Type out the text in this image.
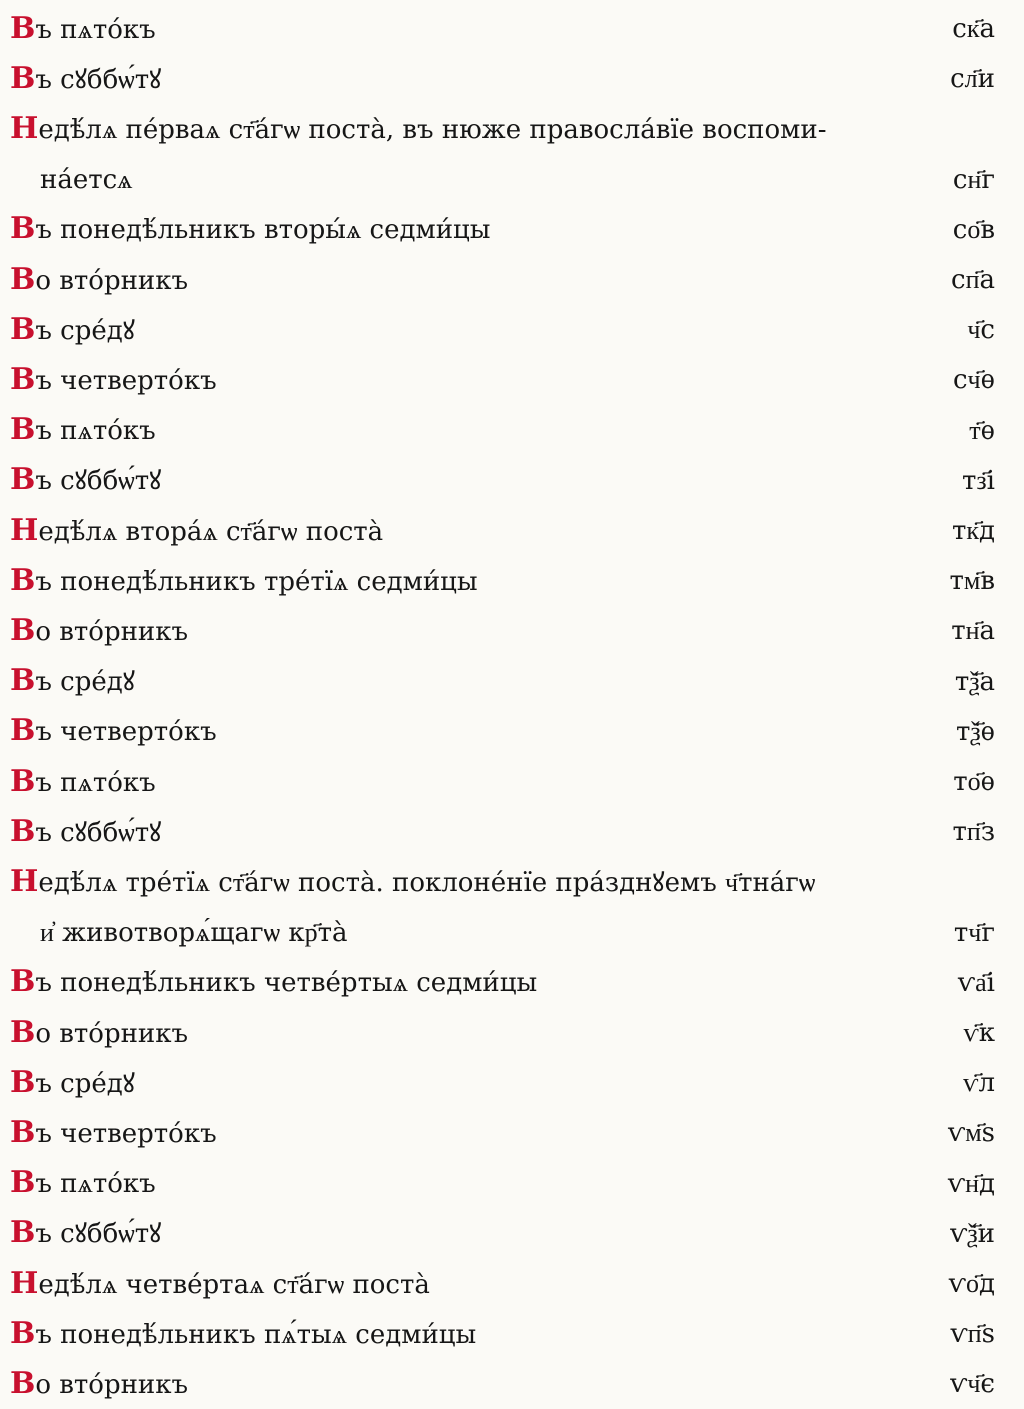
Въ пѧто́къ	ск҃а
Въ сꙋббѡ́тꙋ	сл҃и
Недѣ́лѧ пе́рваѧ ст҃а́гѡ поста̀, въ нюже правосла́вїе воспоми-
на́етсѧ	сн҃г
Въ понедѣ́льникъ вторы́ѧ седми́цы	со҃в
Во вто́рникъ	сп҃а
Въ сре́дꙋ	ч҃с
Въ четверто́къ	сч҃ѳ
Въ пѧто́къ	т҃ѳ
Въ сꙋббѡ́тꙋ	тз҃і
Недѣ́лѧ втора́ѧ ст҃а́гѡ поста̀	тк҃д
Въ понедѣ́льникъ тре́тїѧ седми́цы	тм҃в
Во вто́рникъ	тн҃а
Въ сре́дꙋ	тѯ҃а
Въ четверто́къ	тѯ҃ѳ
Въ пѧто́къ	то҃ѳ
Въ сꙋббѡ́тꙋ	тп҃з
Недѣ́лѧ тре́тїѧ ст҃а́гѡ поста̀. поклоне́нїе пра́зднꙋемъ ч҃тна́гѡ
и҆ животворѧ́щагѡ кр҃та̀	тч҃г
Въ понедѣ́льникъ четве́ртыѧ седми́цы	ѵа҃і
Во вто́рникъ	ѵ҃к
Въ сре́дꙋ	ѵ҃л
Въ четверто́къ	ѵм҃ѕ
Въ пѧто́къ	ѵн҃д
Въ сꙋббѡ́тꙋ	ѵѯ҃и
Недѣ́лѧ четве́ртаѧ ст҃а́гѡ поста̀	ѵо҃д
Въ понедѣ́льникъ пѧ́тыѧ седми́цы	ѵп҃ѕ
Во вто́рникъ	ѵч҃є
